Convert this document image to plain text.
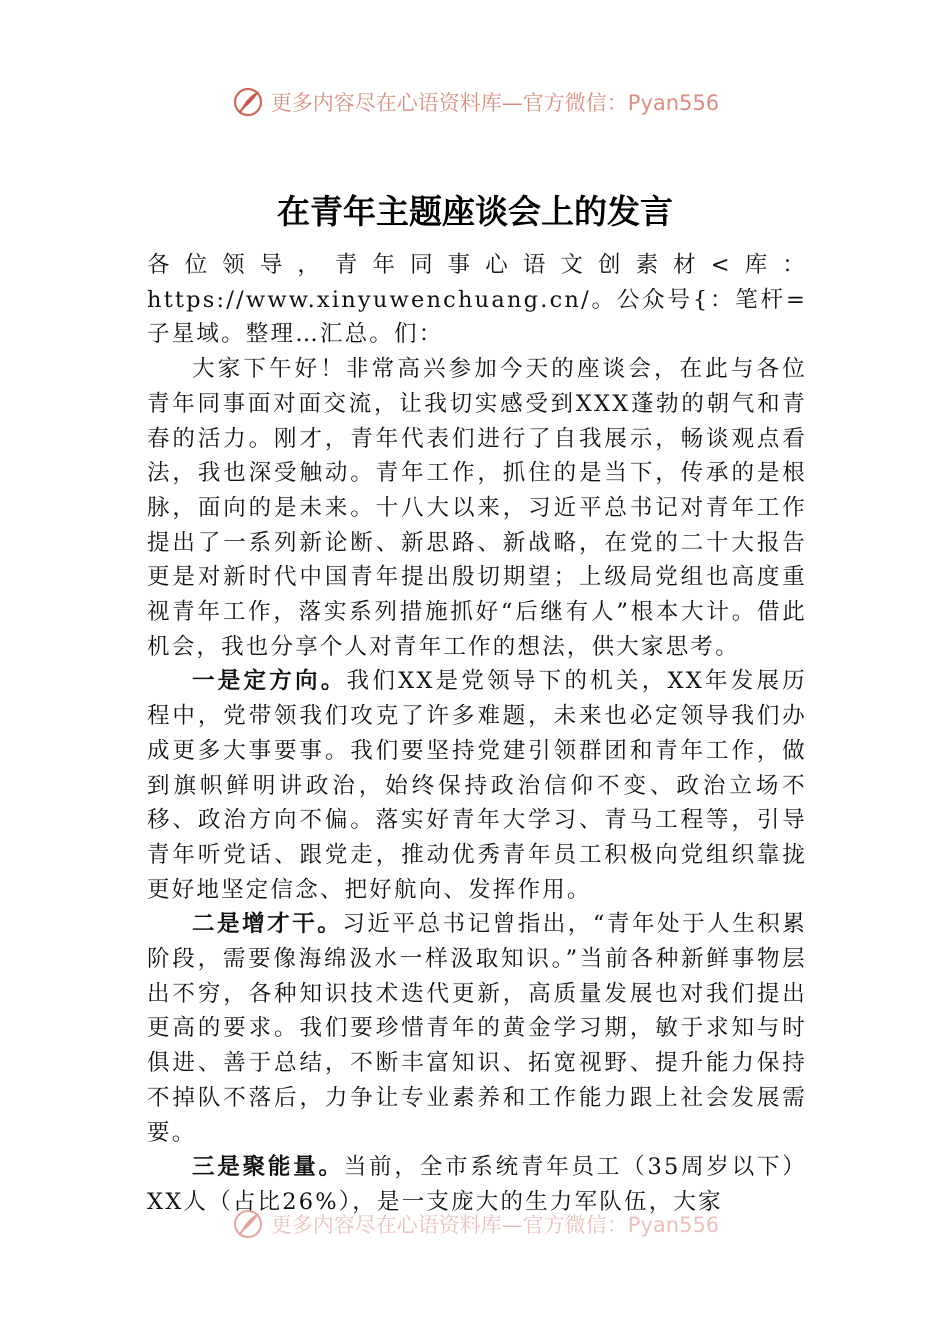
更多内容尽在心语资料库—官方微信：Pyan556
在青年主题座谈会上的发言

各位领导，青年同事心语文创素材<库：https://www.xinyuwenchuang.cn/。公众号{：笔杆=子星域。整理…汇总。们：

大家下午好！非常高兴参加今天的座谈会，在此与各位青年同事面对面交流，让我切实感受到XXX蓬勃的朝气和青春的活力。刚才，青年代表们进行了自我展示，畅谈观点看法，我也深受触动。青年工作，抓住的是当下，传承的是根脉，面向的是未来。十八大以来，习近平总书记对青年工作提出了一系列新论断、新思路、新战略，在党的二十大报告更是对新时代中国青年提出殷切期望；上级局党组也高度重视青年工作，落实系列措施抓好“后继有人”根本大计。借此机会，我也分享个人对青年工作的想法，供大家思考。

一是定方向。我们XX是党领导下的机关，XX年发展历程中，党带领我们攻克了许多难题，未来也必定领导我们办成更多大事要事。我们要坚持党建引领群团和青年工作，做到旗帜鲜明讲政治，始终保持政治信仰不变、政治立场不移、政治方向不偏。落实好青年大学习、青马工程等，引导青年听党话、跟党走，推动优秀青年员工积极向党组织靠拢更好地坚定信念、把好航向、发挥作用。

二是增才干。习近平总书记曾指出，“青年处于人生积累阶段，需要像海绵汲水一样汲取知识。”当前各种新鲜事物层出不穷，各种知识技术迭代更新，高质量发展也对我们提出更高的要求。我们要珍惜青年的黄金学习期，敏于求知与时俱进、善于总结，不断丰富知识、拓宽视野、提升能力保持不掉队不落后，力争让专业素养和工作能力跟上社会发展需要。

三是聚能量。当前，全市系统青年员工（35周岁以下）XX人（占比26%），是一支庞大的生力军队伍，大家

更多内容尽在心语资料库—官方微信：Pyan556
